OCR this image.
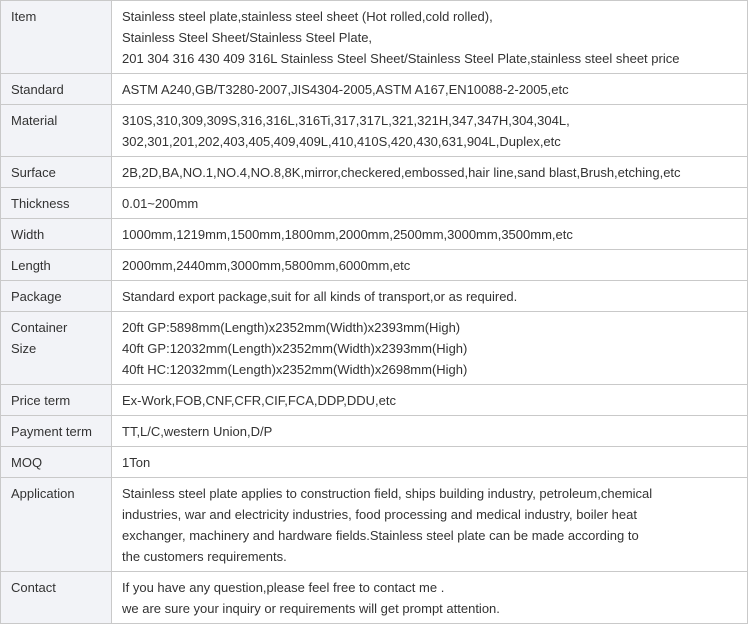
Item	Stainless steel plate,stainless steel sheet (Hot rolled,cold rolled),
Stainless Steel Sheet/Stainless Steel Plate,
201 304 316 430 409 316L Stainless Steel Sheet/Stainless Steel Plate,stainless steel sheet price

Standard	ASTM A240,GB/T3280-2007,JIS4304-2005,ASTM A167,EN10088-2-2005,etc

Material	310S,310,309,309S,316,316L,316Ti,317,317L,321,321H,347,347H,304,304L,
302,301,201,202,403,405,409,409L,410,410S,420,430,631,904L,Duplex,etc

Surface	2B,2D,BA,NO.1,NO.4,NO.8,8K,mirror,checkered,embossed,hair line,sand blast,Brush,etching,etc

Thickness	0.01~200mm

Width	1000mm,1219mm,1500mm,1800mm,2000mm,2500mm,3000mm,3500mm,etc

Length	2000mm,2440mm,3000mm,5800mm,6000mm,etc

Package	Standard export package,suit for all kinds of transport,or as required.

Container
Size	20ft GP:5898mm(Length)x2352mm(Width)x2393mm(High)
40ft GP:12032mm(Length)x2352mm(Width)x2393mm(High)
40ft HC:12032mm(Length)x2352mm(Width)x2698mm(High)

Price term	Ex-Work,FOB,CNF,CFR,CIF,FCA,DDP,DDU,etc

Payment term	TT,L/C,western Union,D/P

MOQ	1Ton

Application	Stainless steel plate applies to construction field, ships building industry, petroleum,chemical
industries, war and electricity industries, food processing and medical industry, boiler heat
exchanger, machinery and hardware fields.Stainless steel plate can be made according to
the customers requirements.

Contact	If you have any question,please feel free to contact me .
we are sure your inquiry or requirements will get prompt attention.
